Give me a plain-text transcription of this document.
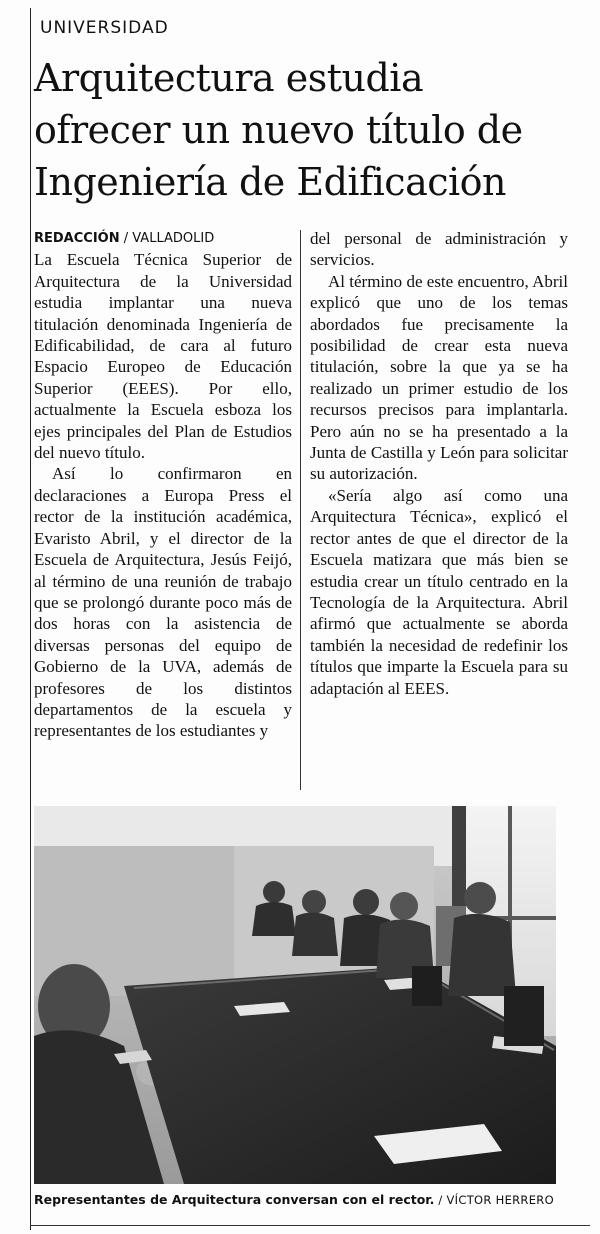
UNIVERSIDAD
Arquitectura estudia
ofrecer un nuevo título de
Ingeniería de Edificación
REDACCIÓN / VALLADOLID

La Escuela Técnica Superior de Arquitectura de la Universidad estudia implantar una nueva titulación denominada Ingeniería de Edificabilidad, de cara al futuro Espacio Europeo de Educación Superior (EEES). Por ello, actualmente la Escuela esboza los ejes principales del Plan de Estudios del nuevo título.

Así lo confirmaron en declaraciones a Europa Press el rector de la institución académica, Evaristo Abril, y el director de la Escuela de Arquitectura, Jesús Feijó, al término de una reunión de trabajo que se prolongó durante poco más de dos horas con la asistencia de diversas personas del equipo de Gobierno de la UVA, además de profesores de los distintos departamentos de la escuela y representantes de los estudiantes y

del personal de administración y servicios.

Al término de este encuentro, Abril explicó que uno de los temas abordados fue precisamente la posibilidad de crear esta nueva titulación, sobre la que ya se ha realizado un primer estudio de los recursos precisos para implantarla. Pero aún no se ha presentado a la Junta de Castilla y León para solicitar su autorización.

«Sería algo así como una Arquitectura Técnica», explicó el rector antes de que el director de la Escuela matizara que más bien se estudia crear un título centrado en la Tecnología de la Arquitectura. Abril afirmó que actualmente se aborda también la necesidad de redefinir los títulos que imparte la Escuela para su adaptación al EEES.

Representantes de Arquitectura conversan con el rector. / VÍCTOR HERRERO
